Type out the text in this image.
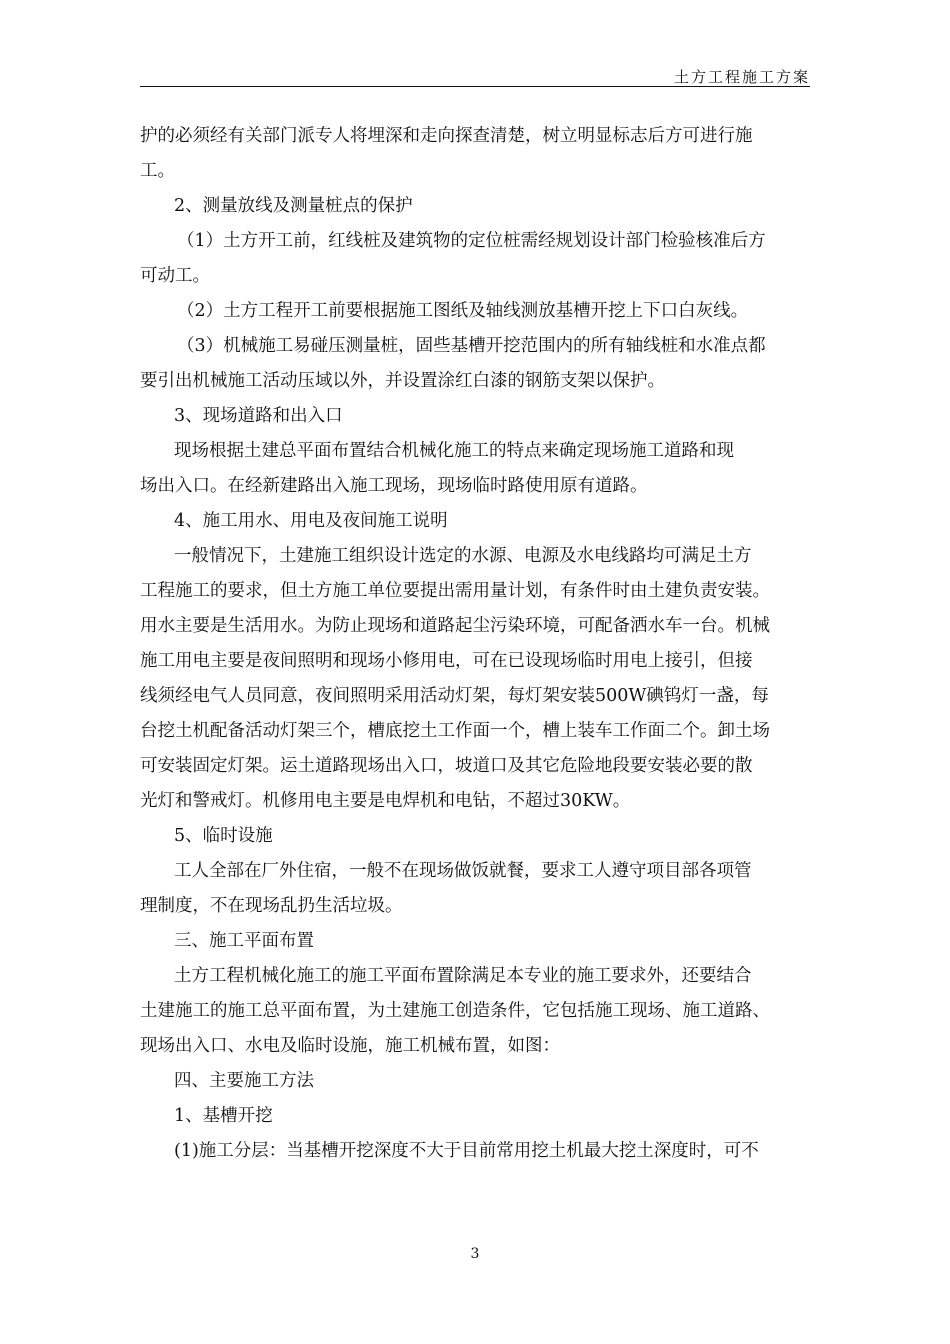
土方工程施工方案

护的必须经有关部门派专人将埋深和走向探查清楚，树立明显标志后方可进行施

工。

2、测量放线及测量桩点的保护

（1）土方开工前，红线桩及建筑物的定位桩需经规划设计部门检验核准后方

可动工。

（2）土方工程开工前要根据施工图纸及轴线测放基槽开挖上下口白灰线。

（3）机械施工易碰压测量桩，固些基槽开挖范围内的所有轴线桩和水准点都

要引出机械施工活动压域以外，并设置涂红白漆的钢筋支架以保护。

3、现场道路和出入口

现场根据土建总平面布置结合机械化施工的特点来确定现场施工道路和现

场出入口。在经新建路出入施工现场，现场临时路使用原有道路。

4、施工用水、用电及夜间施工说明

一般情况下，土建施工组织设计选定的水源、电源及水电线路均可满足土方

工程施工的要求，但土方施工单位要提出需用量计划，有条件时由土建负责安装。

用水主要是生活用水。为防止现场和道路起尘污染环境，可配备洒水车一台。机械

施工用电主要是夜间照明和现场小修用电，可在已设现场临时用电上接引，但接

线须经电气人员同意，夜间照明采用活动灯架，每灯架安装500W碘钨灯一盏，每

台挖土机配备活动灯架三个，槽底挖土工作面一个，槽上装车工作面二个。卸土场

可安装固定灯架。运土道路现场出入口，坡道口及其它危险地段要安装必要的散

光灯和警戒灯。机修用电主要是电焊机和电钻，不超过30KW。

5、临时设施

工人全部在厂外住宿，一般不在现场做饭就餐，要求工人遵守项目部各项管

理制度，不在现场乱扔生活垃圾。

三、施工平面布置

土方工程机械化施工的施工平面布置除满足本专业的施工要求外，还要结合

土建施工的施工总平面布置，为土建施工创造条件，它包括施工现场、施工道路、

现场出入口、水电及临时设施，施工机械布置，如图：

四、主要施工方法

1、基槽开挖

(1)施工分层：当基槽开挖深度不大于目前常用挖土机最大挖土深度时，可不

3
